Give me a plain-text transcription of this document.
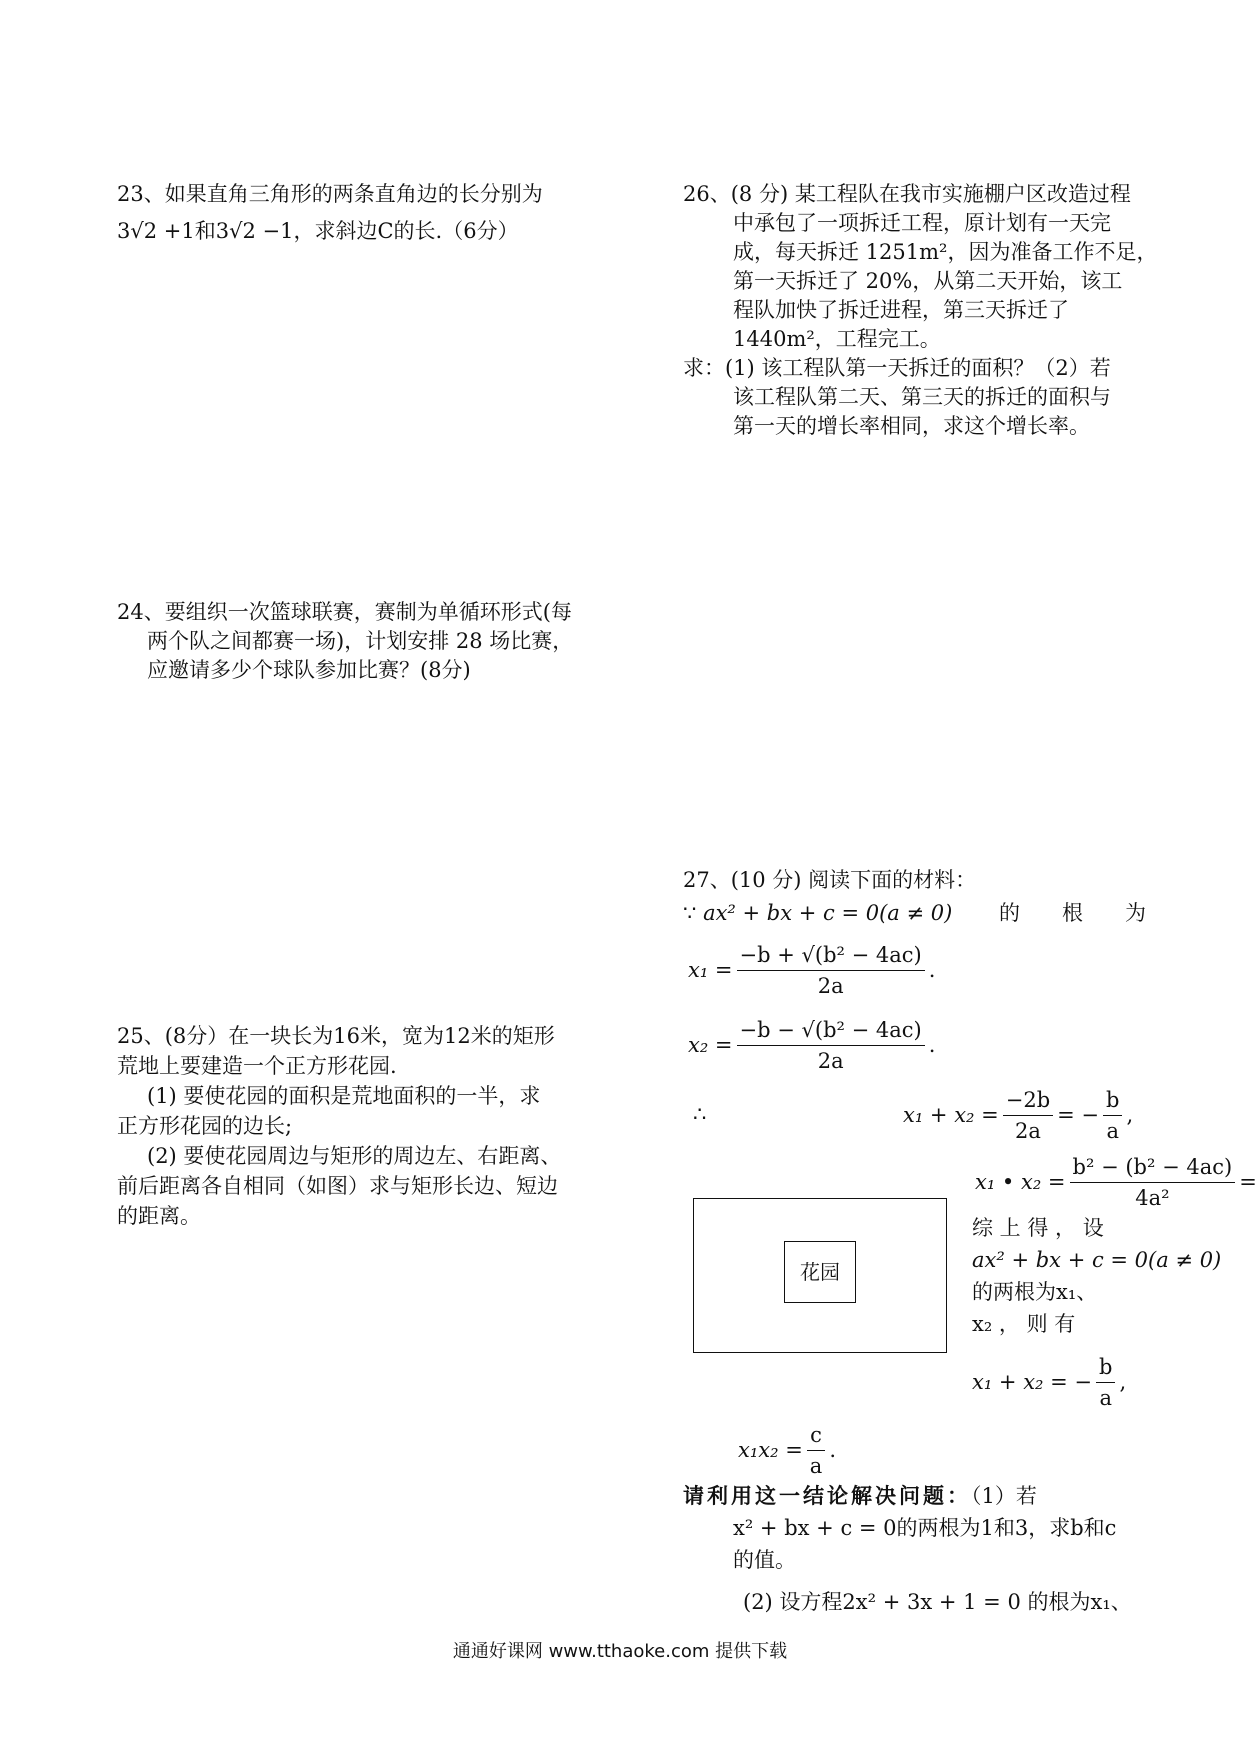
23、如果直角三角形的两条直角边的长分别为

3√2 +1和3√2 −1，求斜边C的长.（6分）

24、要组织一次篮球联赛，赛制为单循环形式(每

两个队之间都赛一场)，计划安排 28 场比赛，

应邀请多少个球队参加比赛？(8分)

25、(8分）在一块长为16米，宽为12米的矩形

荒地上要建造一个正方形花园.

(1) 要使花园的面积是荒地面积的一半，求

正方形花园的边长;

(2) 要使花园周边与矩形的周边左、右距离、

前后距离各自相同（如图）求与矩形长边、短边

的距离。

26、(8 分) 某工程队在我市实施棚户区改造过程

中承包了一项拆迁工程，原计划有一天完

成，每天拆迁 1251m²，因为准备工作不足，

第一天拆迁了 20%，从第二天开始，该工

程队加快了拆迁进程，第三天拆迁了

1440m²，工程完工。

求：(1) 该工程队第一天拆迁的面积？（2）若

该工程队第二天、第三天的拆迁的面积与

第一天的增长率相同，求这个增长率。

27、(10 分) 阅读下面的材料：

∵ ax² + bx + c = 0(a ≠ 0) 的　　根　　为

$x_1 = \frac{\text{−b + √(b² − 4ac)}}{2a}$ .
$x_2 = \frac{\text{−b − √(b² − 4ac)}}{2a}$ .
∴	$x_1 + x_2 = \frac{-2b}{2a}$ = − $\frac{b}{a}$ ,
x₁ • $x_2 = \frac{\text{b² − (b² − 4ac)}}{\text{4a²}}$ =
花园

综 上 得 ， 设

ax² + bx + c = 0(a ≠ 0)

的两根为x₁、

x₂ ， 则 有

x₁ + x₂ = − $\frac{b}{a}$ ,
$x_1x_2 = \frac{c}{a}$ .

请利用这一结论解决问题：（1）若

x² + bx + c = 0的两根为1和3，求b和c

的值。

(2) 设方程2x² + 3x + 1 = 0 的根为x₁、

通通好课网 www.tthaoke.com 提供下载
